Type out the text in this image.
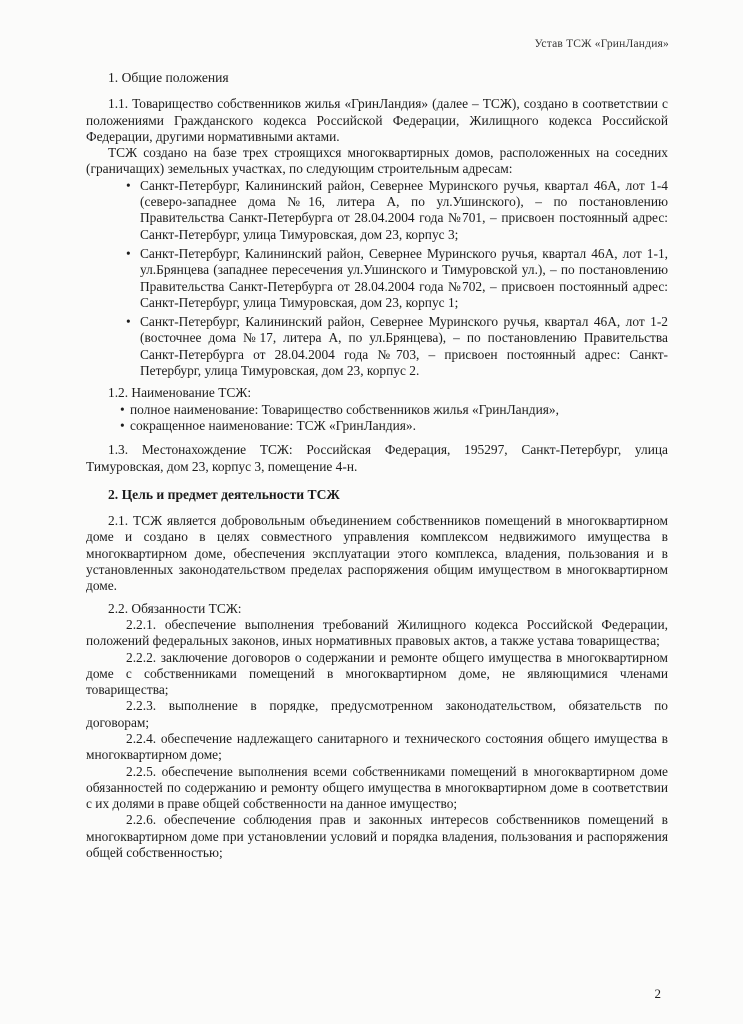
Устав ТСЖ «ГринЛандия»
1. Общие положения

1.1. Товарищество собственников жилья «ГринЛандия» (далее – ТСЖ), создано в соответствии с положениями Гражданского кодекса Российской Федерации, Жилищного кодекса Российской Федерации, другими нормативными актами.

ТСЖ создано на базе трех строящихся многоквартирных домов, расположенных на соседних (граничащих) земельных участках, по следующим строительным адресам:

• Санкт-Петербург, Калининский район, Севернее Муринского ручья, квартал 46А, лот 1-4 (северо-западнее дома №16, литера А, по ул.Ушинского), – по постановлению Правительства Санкт-Петербурга от 28.04.2004 года №701, – присвоен постоянный адрес: Санкт-Петербург, улица Тимуровская, дом 23, корпус 3;
• Санкт-Петербург, Калининский район, Севернее Муринского ручья, квартал 46А, лот 1-1, ул.Брянцева (западнее пересечения ул.Ушинского и Тимуровской ул.), – по постановлению Правительства Санкт-Петербурга от 28.04.2004 года №702, – присвоен постоянный адрес: Санкт-Петербург, улица Тимуровская, дом 23, корпус 1;
• Санкт-Петербург, Калининский район, Севернее Муринского ручья, квартал 46А, лот 1-2 (восточнее дома №17, литера А, по ул.Брянцева), – по постановлению Правительства Санкт-Петербурга от 28.04.2004 года №703, – присвоен постоянный адрес: Санкт-Петербург, улица Тимуровская, дом 23, корпус 2.

1.2. Наименование ТСЖ:

• полное наименование: Товарищество собственников жилья «ГринЛандия»,
• сокращенное наименование: ТСЖ «ГринЛандия».

1.3. Местонахождение ТСЖ: Российская Федерация, 195297, Санкт-Петербург, улица Тимуровская, дом 23, корпус 3, помещение 4-н.

2. Цель и предмет деятельности ТСЖ

2.1. ТСЖ является добровольным объединением собственников помещений в многоквартирном доме и создано в целях совместного управления комплексом недвижимого имущества в многоквартирном доме, обеспечения эксплуатации этого комплекса, владения, пользования и в установленных законодательством пределах распоряжения общим имуществом в многоквартирном доме.

2.2. Обязанности ТСЖ:

2.2.1. обеспечение выполнения требований Жилищного кодекса Российской Федерации, положений федеральных законов, иных нормативных правовых актов, а также устава товарищества;

2.2.2. заключение договоров о содержании и ремонте общего имущества в многоквартирном доме с собственниками помещений в многоквартирном доме, не являющимися членами товарищества;

2.2.3. выполнение в порядке, предусмотренном законодательством, обязательств по договорам;

2.2.4. обеспечение надлежащего санитарного и технического состояния общего имущества в многоквартирном доме;

2.2.5. обеспечение выполнения всеми собственниками помещений в многоквартирном доме обязанностей по содержанию и ремонту общего имущества в многоквартирном доме в соответствии с их долями в праве общей собственности на данное имущество;

2.2.6. обеспечение соблюдения прав и законных интересов собственников помещений в многоквартирном доме при установлении условий и порядка владения, пользования и распоряжения общей собственностью;

2
